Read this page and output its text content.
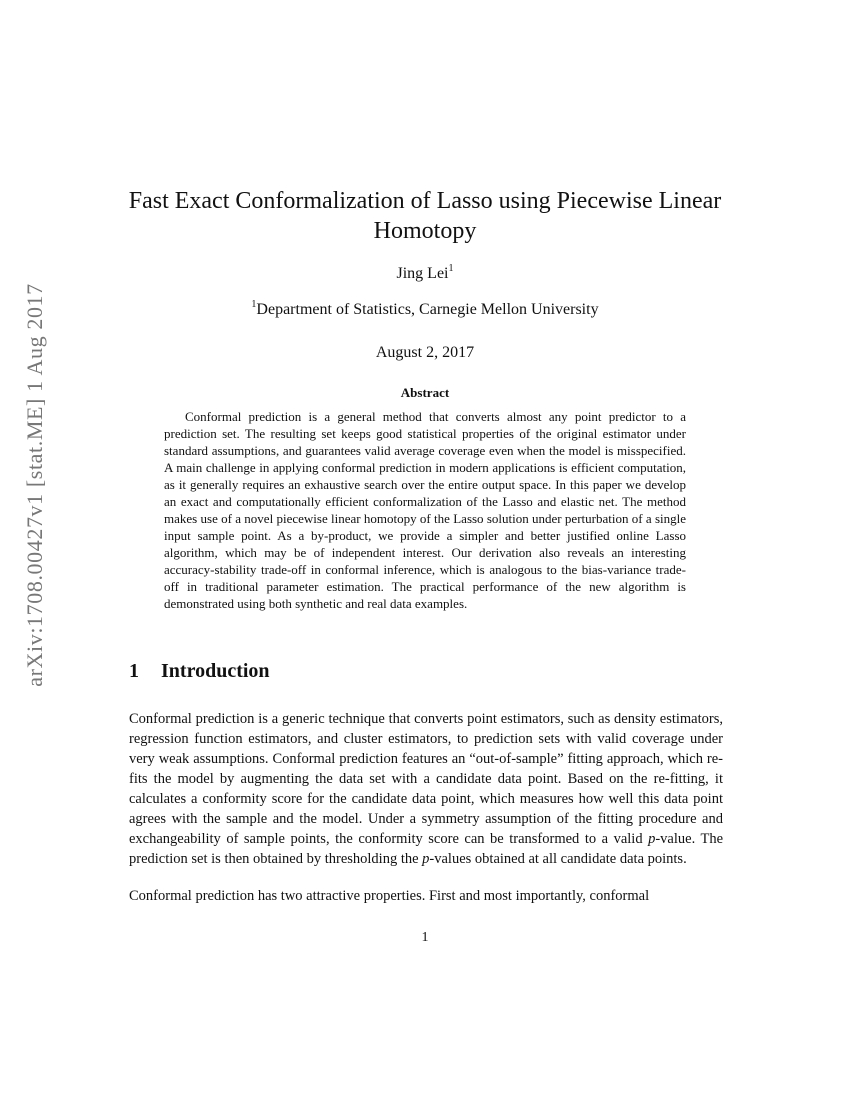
arXiv:1708.00427v1 [stat.ME] 1 Aug 2017
Fast Exact Conformalization of Lasso using Piecewise Linear Homotopy
Jing Lei$^1$
$^1$Department of Statistics, Carnegie Mellon University
August 2, 2017
Abstract

Conformal prediction is a general method that converts almost any point predictor to a prediction set. The resulting set keeps good statistical properties of the original estimator under standard assumptions, and guarantees valid average coverage even when the model is misspecified. A main challenge in applying conformal prediction in modern applications is efficient computation, as it generally requires an exhaustive search over the entire output space. In this paper we develop an exact and computationally efficient conformalization of the Lasso and elastic net. The method makes use of a novel piecewise linear homotopy of the Lasso solution under perturbation of a single input sample point. As a by-product, we provide a simpler and better justified online Lasso algorithm, which may be of independent interest. Our derivation also reveals an interesting accuracy-stability trade-off in conformal inference, which is analogous to the bias-variance trade-off in traditional parameter estimation. The practical performance of the new algorithm is demonstrated using both synthetic and real data examples.

1 Introduction

Conformal prediction is a generic technique that converts point estimators, such as density estimators, regression function estimators, and cluster estimators, to prediction sets with valid coverage under very weak assumptions. Conformal prediction features an “out-of-sample” fitting approach, which re-fits the model by augmenting the data set with a candidate data point. Based on the re-fitting, it calculates a conformity score for the candidate data point, which measures how well this data point agrees with the sample and the model. Under a symmetry assumption of the fitting procedure and exchangeability of sample points, the conformity score can be transformed to a valid p-value. The prediction set is then obtained by thresholding the p-values obtained at all candidate data points.

Conformal prediction has two attractive properties. First and most importantly, conformal

1
